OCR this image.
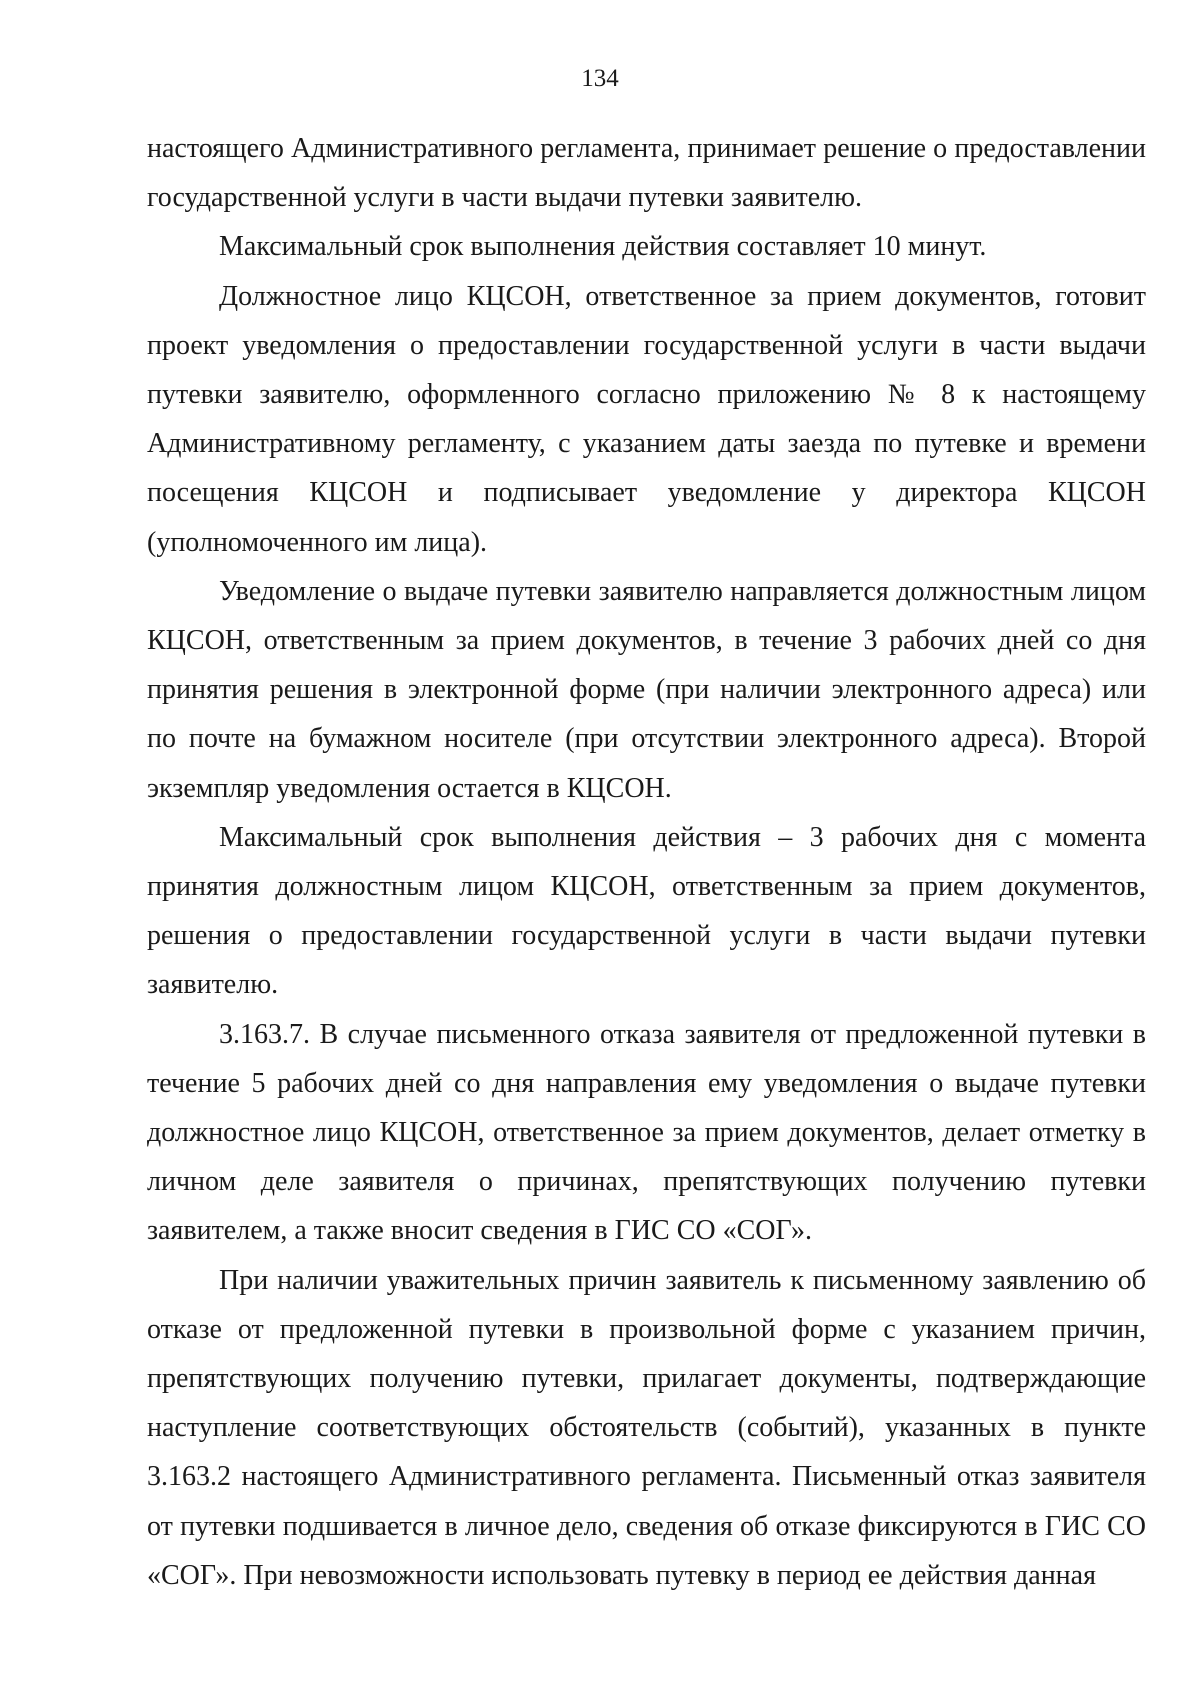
134

настоящего Административного регламента, принимает решение о предоставлении государственной услуги в части выдачи путевки заявителю.

Максимальный срок выполнения действия составляет 10 минут.

Должностное лицо КЦСОН, ответственное за прием документов, готовит проект уведомления о предоставлении государственной услуги в части выдачи путевки заявителю, оформленного согласно приложению № 8 к настоящему Административному регламенту, с указанием даты заезда по путевке и времени посещения КЦСОН и подписывает уведомление у директора КЦСОН (уполномоченного им лица).

Уведомление о выдаче путевки заявителю направляется должностным лицом КЦСОН, ответственным за прием документов, в течение 3 рабочих дней со дня принятия решения в электронной форме (при наличии электронного адреса) или по почте на бумажном носителе (при отсутствии электронного адреса). Второй экземпляр уведомления остается в КЦСОН.

Максимальный срок выполнения действия – 3 рабочих дня с момента принятия должностным лицом КЦСОН, ответственным за прием документов, решения о предоставлении государственной услуги в части выдачи путевки заявителю.

3.163.7. В случае письменного отказа заявителя от предложенной путевки в течение 5 рабочих дней со дня направления ему уведомления о выдаче путевки должностное лицо КЦСОН, ответственное за прием документов, делает отметку в личном деле заявителя о причинах, препятствующих получению путевки заявителем, а также вносит сведения в ГИС СО «СОГ».

При наличии уважительных причин заявитель к письменному заявлению об отказе от предложенной путевки в произвольной форме с указанием причин, препятствующих получению путевки, прилагает документы, подтверждающие наступление соответствующих обстоятельств (событий), указанных в пункте 3.163.2 настоящего Административного регламента. Письменный отказ заявителя от путевки подшивается в личное дело, сведения об отказе фиксируются в ГИС СО «СОГ». При невозможности использовать путевку в период ее действия данная
